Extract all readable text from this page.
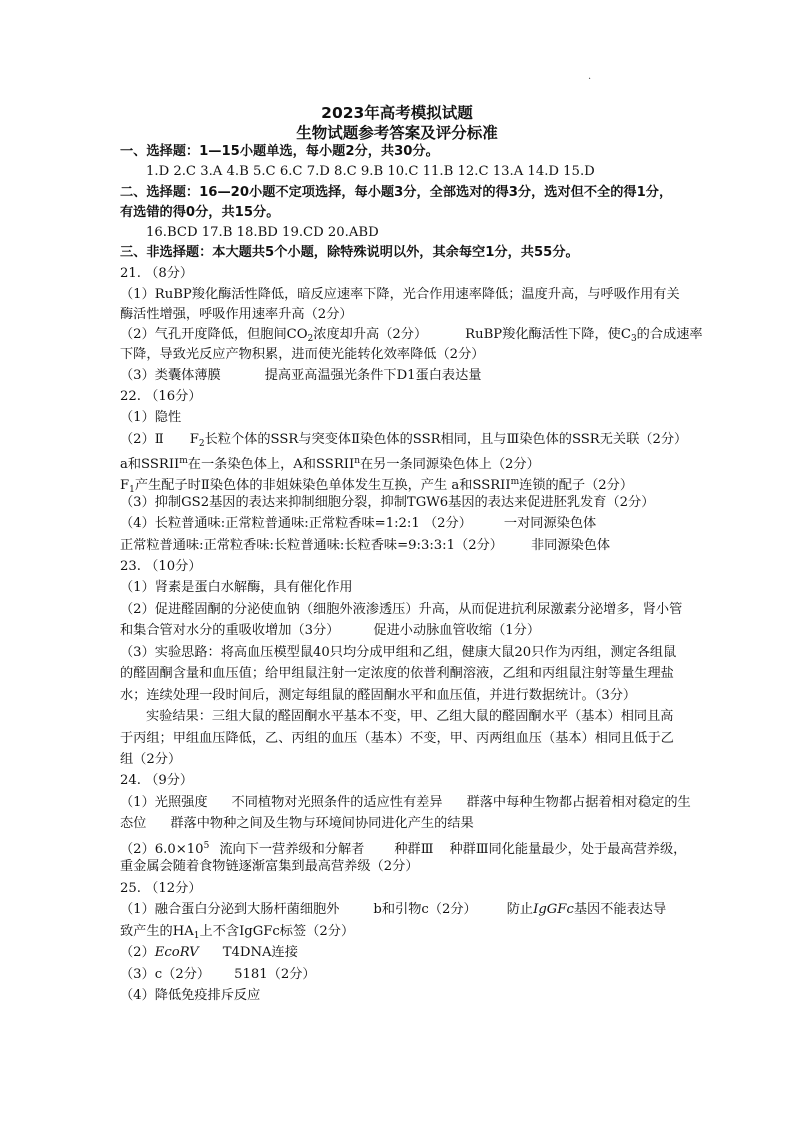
·
2023年高考模拟试题
生物试题参考答案及评分标准
一、选择题：1—15小题单选，每小题2分，共30分。
1.D 2.C 3.A 4.B 5.C 6.C 7.D 8.C 9.B 10.C 11.B 12.C 13.A 14.D 15.D
二、选择题：16—20小题不定项选择，每小题3分，全部选对的得3分，选对但不全的得1分，
有选错的得0分，共15分。
16.BCD 17.B 18.BD 19.CD 20.ABD
三、非选择题：本大题共5个小题，除特殊说明以外，其余每空1分，共55分。
21. （8分）
（1）RuBP羧化酶活性降低，暗反应速率下降，光合作用速率降低；温度升高，与呼吸作用有关
酶活性增强，呼吸作用速率升高（2分）
（2）气孔开度降低，但胞间$CO_2$浓度却升高（2分）	RuBP羧化酶活性下降，使$C_3$的合成速率
下降，导致光反应产物积累，进而使光能转化效率降低（2分）
（3）类囊体薄膜	提高亚高温强光条件下D1蛋白表达量
22. （16分）
（1）隐性
（2）Ⅱ $F_2$长粒个体的SSR与突变体Ⅱ染色体的SSR相同，且与Ⅲ染色体的SSR无关联（2分）
a和SSRII$^m$在一条染色体上，A和SSRII$^n$在另一条同源染色体上（2分）
$F_1$产生配子时Ⅱ染色体的非姐妹染色单体发生互换，产生 a和SSRII$^m$连锁的配子（2分）
（3）抑制GS2基因的表达来抑制细胞分裂，抑制TGW6基因的表达来促进胚乳发育（2分）
（4）长粒普通味:正常粒普通味:正常粒香味=1:2:1 （2分） 一对同源染色体
正常粒普通味:正常粒香味:长粒普通味:长粒香味=9:3:3:1（2分） 非同源染色体
23. （10分）
（1）肾素是蛋白水解酶，具有催化作用
（2）促进醛固酮的分泌使血钠（细胞外液渗透压）升高，从而促进抗利尿激素分泌增多，肾小管
和集合管对水分的重吸收增加（3分）	促进小动脉血管收缩（1分）
（3）实验思路：将高血压模型鼠40只均分成甲组和乙组，健康大鼠20只作为丙组，测定各组鼠
的醛固酮含量和血压值；给甲组鼠注射一定浓度的依普利酮溶液，乙组和丙组鼠注射等量生理盐
水；连续处理一段时间后，测定每组鼠的醛固酮水平和血压值，并进行数据统计。（3分）
实验结果：三组大鼠的醛固酮水平基本不变，甲、乙组大鼠的醛固酮水平（基本）相同且高
于丙组；甲组血压降低，乙、丙组的血压（基本）不变，甲、丙两组血压（基本）相同且低于乙
组（2分）
24. （9分）
（1）光照强度 不同植物对光照条件的适应性有差异 群落中每种生物都占据着相对稳定的生
态位 群落中物种之间及生物与环境间协同进化产生的结果
$(2)6.0\times 10^5$ 流向下一营养级和分解者 种群Ⅲ 种群Ⅲ同化能量最少，处于最高营养级，
重金属会随着食物链逐渐富集到最高营养级（2分）
25. （12分）
（1）融合蛋白分泌到大肠杆菌细胞外	b和引物c（2分） 防止IgGFc基因不能表达导
致产生的$HA_1$上不含IgGFc标签（2分）
（2）EcoRV T4DNA连接
（3）c（2分） 5181（2分）
（4）降低免疫排斥反应
